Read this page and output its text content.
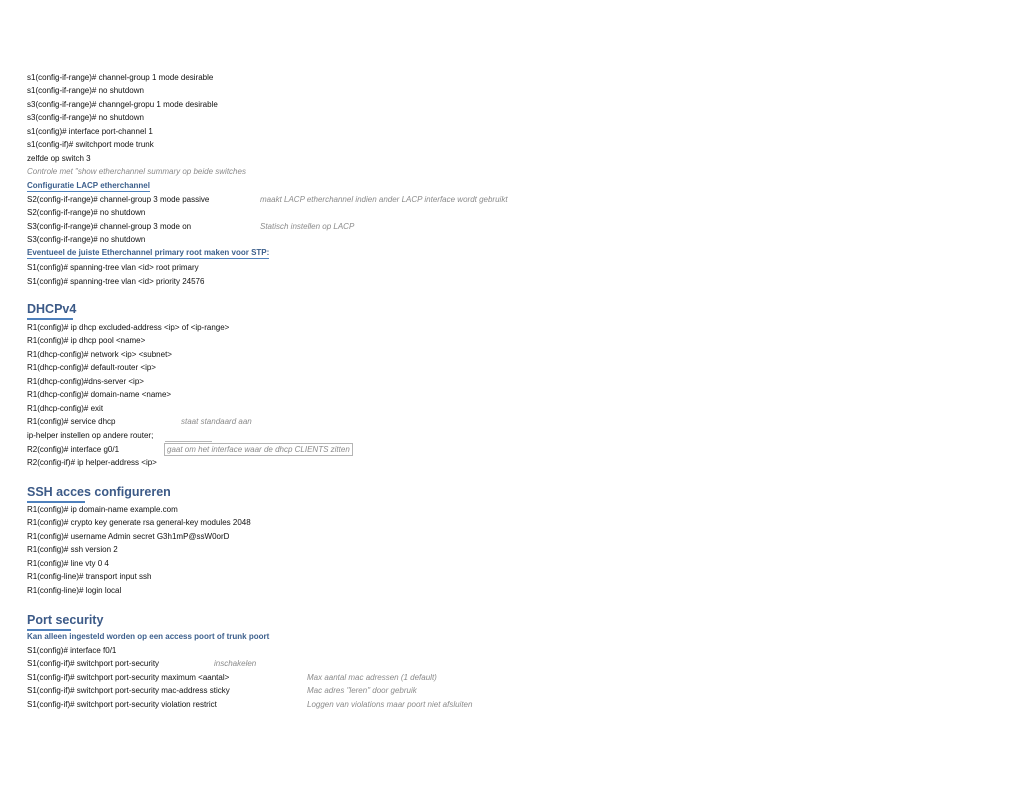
s1(config-if-range)# channel-group 1 mode desirable
s1(config-if-range)# no shutdown
s3(config-if-range)# channgel-gropu 1 mode desirable
s3(config-if-range)# no shutdown
s1(config)# interface port-channel 1
s1(config-if)# switchport mode trunk
zelfde op switch 3
Controle met "show etherchannel summary op beide switches
Configuratie LACP etherchannel
S2(config-if-range)# channel-group 3 mode passive	maakt LACP etherchannel indien ander LACP interface wordt gebruikt
S2(config-if-range)# no shutdown
S3(config-if-range)# channel-group 3 mode on	Statisch instellen op LACP
S3(config-if-range)# no shutdown
Eventueel de juiste Etherchannel primary root maken voor STP:
S1(config)# spanning-tree vlan <id> root primary
S1(config)# spanning-tree vlan <id> priority 24576
DHCPv4
R1(config)# ip dhcp excluded-address <ip> of <ip-range>
R1(config)# ip dhcp pool <name>
R1(dhcp-config)# network <ip> <subnet>
R1(dhcp-config)# default-router <ip>
R1(dhcp-config)#dns-server <ip>
R1(dhcp-config)# domain-name <name>
R1(dhcp-config)# exit
R1(config)# service dhcp	staat standaard aan
ip-helper instellen op andere router;
R2(config)# interface g0/1	gaat om het interface waar de dhcp CLIENTS zitten
R2(config-if)# ip helper-address <ip>
SSH acces configureren
R1(config)# ip domain-name example.com
R1(config)# crypto key generate rsa general-key modules 2048
R1(config)# username Admin secret G3h1mP@ssW0orD
R1(config)# ssh version 2
R1(config)# line vty 0 4
R1(config-line)# transport input ssh
R1(config-line)# login local
Port security
Kan alleen ingesteld worden op een access poort of trunk poort
S1(config)# interface f0/1
S1(config-if)# switchport port-security	inschakelen
S1(config-if)# switchport port-security maximum <aantal>	Max aantal mac adressen (1 default)
S1(config-if)# switchport port-security mac-address sticky	Mac adres "leren" door gebruik
S1(config-if)# switchport port-security violation restrict	Loggen van violations maar poort niet afsluiten
